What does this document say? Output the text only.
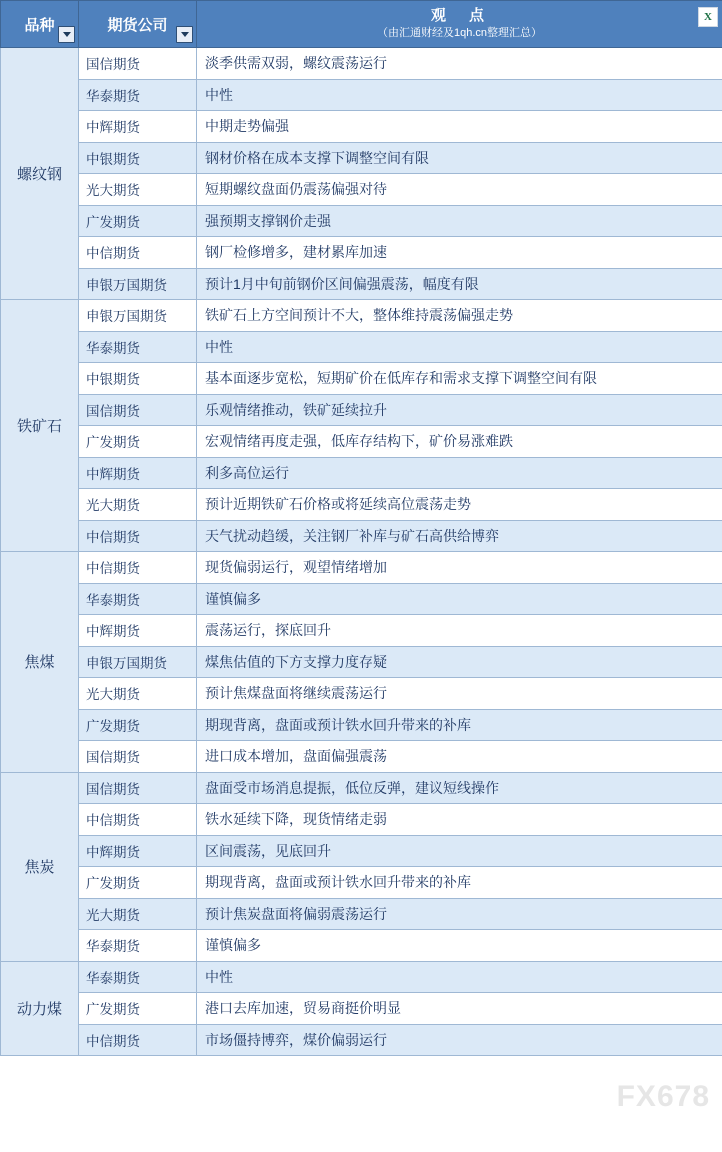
品种	期货公司	观　点
（由汇通财经及1qh.cn整理汇总）
X

螺纹钢	国信期货	淡季供需双弱，螺纹震荡运行
	华泰期货	中性
	中辉期货	中期走势偏强
	中银期货	钢材价格在成本支撑下调整空间有限
	光大期货	短期螺纹盘面仍震荡偏强对待
	广发期货	强预期支撑钢价走强
	中信期货	钢厂检修增多，建材累库加速
	申银万国期货	预计1月中旬前钢价区间偏强震荡，幅度有限
铁矿石	申银万国期货	铁矿石上方空间预计不大，整体维持震荡偏强走势
	华泰期货	中性
	中银期货	基本面逐步宽松，短期矿价在低库存和需求支撑下调整空间有限
	国信期货	乐观情绪推动，铁矿延续拉升
	广发期货	宏观情绪再度走强，低库存结构下，矿价易涨难跌
	中辉期货	利多高位运行
	光大期货	预计近期铁矿石价格或将延续高位震荡走势
	中信期货	天气扰动趋缓，关注钢厂补库与矿石高供给博弈
焦煤	中信期货	现货偏弱运行，观望情绪增加
	华泰期货	谨慎偏多
	中辉期货	震荡运行，探底回升
	申银万国期货	煤焦估值的下方支撑力度存疑
	光大期货	预计焦煤盘面将继续震荡运行
	广发期货	期现背离，盘面或预计铁水回升带来的补库
	国信期货	进口成本增加，盘面偏强震荡
焦炭	国信期货	盘面受市场消息提振，低位反弹，建议短线操作
	中信期货	铁水延续下降，现货情绪走弱
	中辉期货	区间震荡，见底回升
	广发期货	期现背离，盘面或预计铁水回升带来的补库
	光大期货	预计焦炭盘面将偏弱震荡运行
	华泰期货	谨慎偏多
动力煤	华泰期货	中性
	广发期货	港口去库加速，贸易商挺价明显
	中信期货	市场僵持博弈，煤价偏弱运行
FX678
